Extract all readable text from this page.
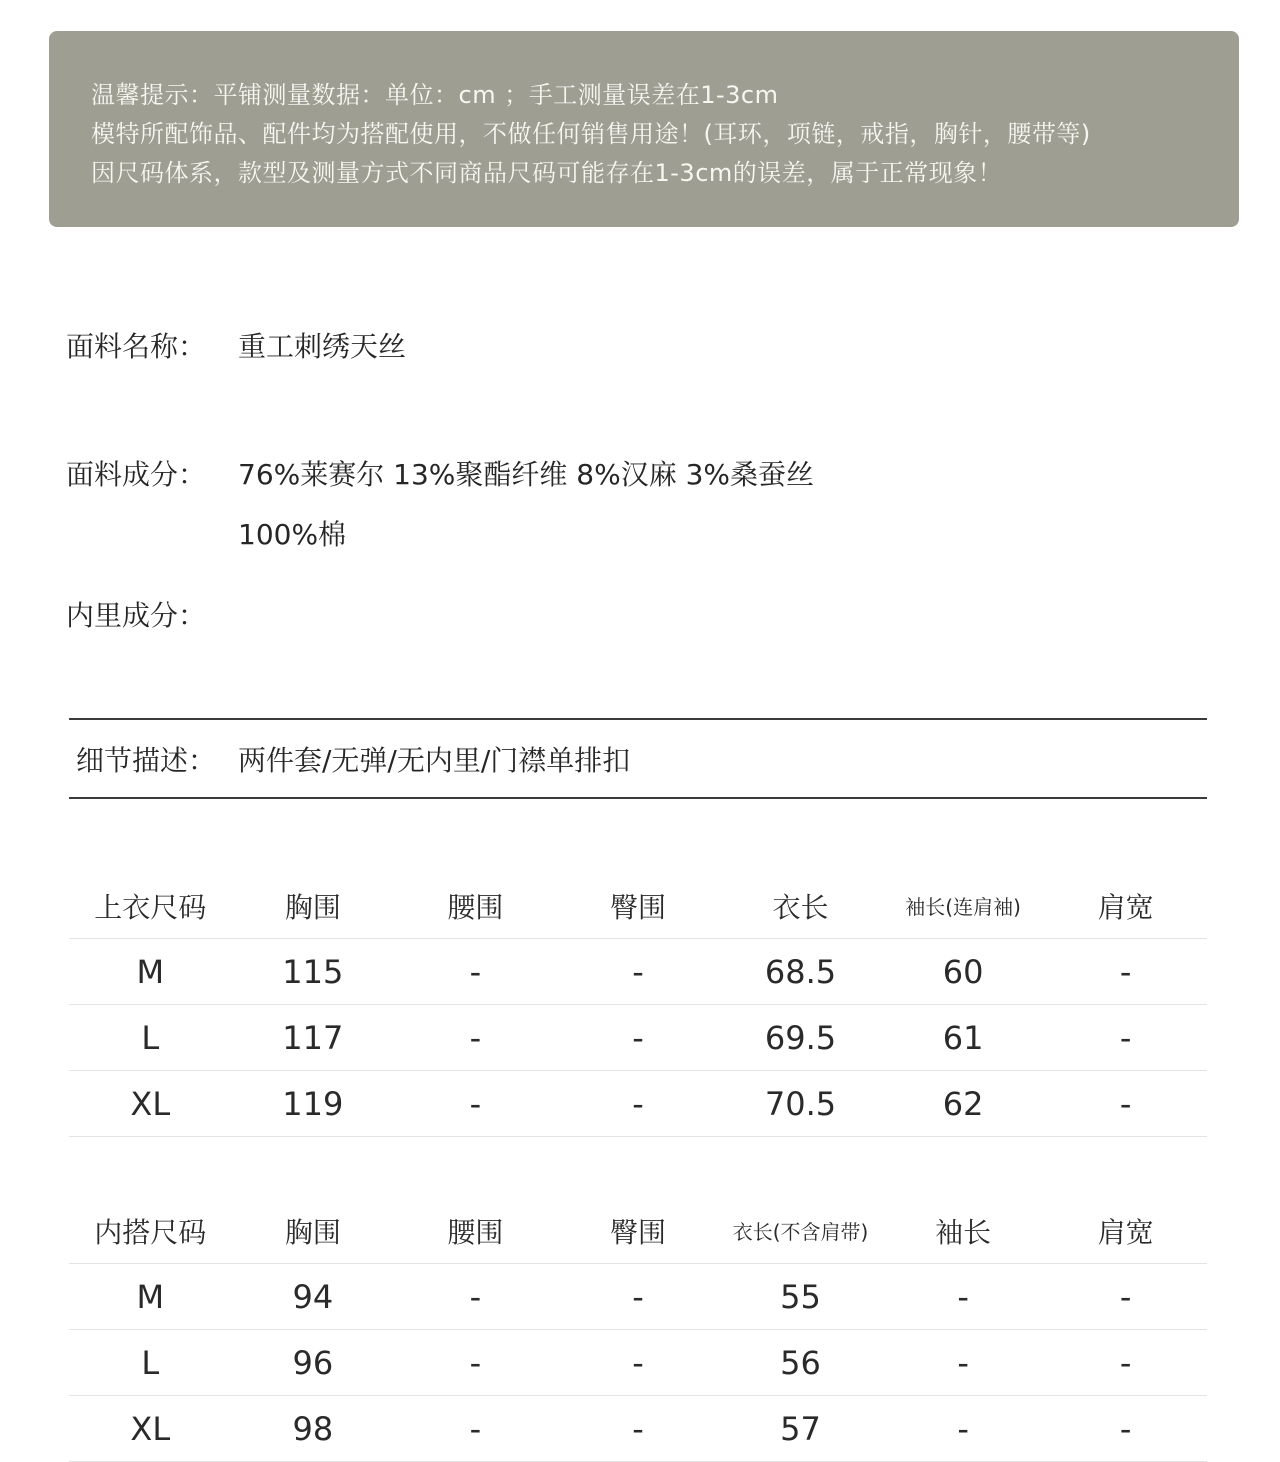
温馨提示：平铺测量数据：单位：cm ；手工测量误差在1-3cm
模特所配饰品、配件均为搭配使用，不做任何销售用途！(耳环，项链，戒指，胸针，腰带等)
因尺码体系，款型及测量方式不同商品尺码可能存在1-3cm的误差，属于正常现象！
面料名称： 重工刺绣天丝
面料成分： 76%莱赛尔 13%聚酯纤维 8%汉麻 3%桑蚕丝
100%棉
内里成分：
细节描述： 两件套/无弹/无内里/门襟单排扣
上衣尺码	胸围	腰围	臀围	衣长	袖长(连肩袖)	肩宽
M	115	-	-	68.5	60	-
L	117	-	-	69.5	61	-
XL	119	-	-	70.5	62	-
内搭尺码	胸围	腰围	臀围	衣长(不含肩带)	袖长	肩宽
M	94	-	-	55	-	-
L	96	-	-	56	-	-
XL	98	-	-	57	-	-
